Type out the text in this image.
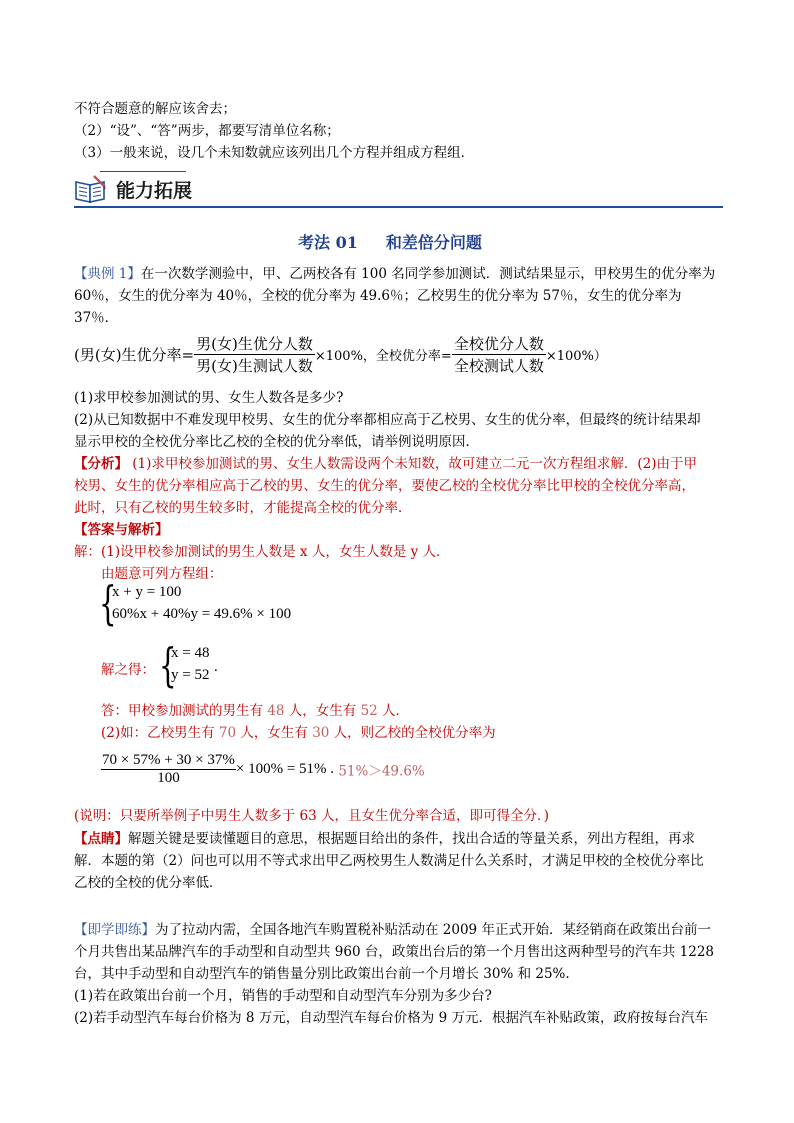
不符合题意的解应该舍去；
（2）“设”、“答”两步，都要写清单位名称；
（3）一般来说，设几个未知数就应该列出几个方程并组成方程组．
能力拓展
考法 01 和差倍分问题
【典例 1】在一次数学测验中，甲、乙两校各有 100 名同学参加测试．测试结果显示，甲校男生的优分率为
60％，女生的优分率为 40％，全校的优分率为 49.6％；乙校男生的优分率为 57％，女生的优分率为
37％．
(男(女)生优分率= $\frac{\text{男(女)生优分人数}}{\text{男(女)生测试人数}} \times 100\%$，全校优分率= $\frac{\text{全校优分人数}}{\text{全校测试人数}} \times 100\%$）
(1)求甲校参加测试的男、女生人数各是多少?
(2)从已知数据中不难发现甲校男、女生的优分率都相应高于乙校男、女生的优分率，但最终的统计结果却
显示甲校的全校优分率比乙校的全校的优分率低，请举例说明原因．
【分析】 (1)求甲校参加测试的男、女生人数需设两个未知数，故可建立二元一次方程组求解．(2)由于甲
校男、女生的优分率相应高于乙校的男、女生的优分率，要使乙校的全校优分率比甲校的全校优分率高，
此时，只有乙校的男生较多时，才能提高全校的优分率．
【答案与解析】
解：(1)设甲校参加测试的男生人数是 x 人，女生人数是 y 人．
由题意可列方程组：
{
x + y = 100
60%x + 40%y = 49.6% × 100
解之得： {
x = 48
y = 52 .
答：甲校参加测试的男生有 48 人，女生有 52 人．
(2)如：乙校男生有 70 人，女生有 30 人，则乙校的全校优分率为
$\frac{70 \times 57\% + 30 \times 37\%}{100} \times 100\% = 51\%$ . 51%＞49.6%
(说明：只要所举例子中男生人数多于 63 人，且女生优分率合适，即可得全分．)
【点睛】解题关键是要读懂题目的意思，根据题目给出的条件，找出合适的等量关系，列出方程组，再求
解．本题的第（2）问也可以用不等式求出甲乙两校男生人数满足什么关系时，才满足甲校的全校优分率比
乙校的全校的优分率低．
【即学即练】为了拉动内需，全国各地汽车购置税补贴活动在 2009 年正式开始．某经销商在政策出台前一
个月共售出某品牌汽车的手动型和自动型共 960 台，政策出台后的第一个月售出这两种型号的汽车共 1228
台，其中手动型和自动型汽车的销售量分别比政策出台前一个月增长 30% 和 25%.
(1)若在政策出台前一个月，销售的手动型和自动型汽车分别为多少台?
(2)若手动型汽车每台价格为 8 万元，自动型汽车每台价格为 9 万元．根据汽车补贴政策，政府按每台汽车
